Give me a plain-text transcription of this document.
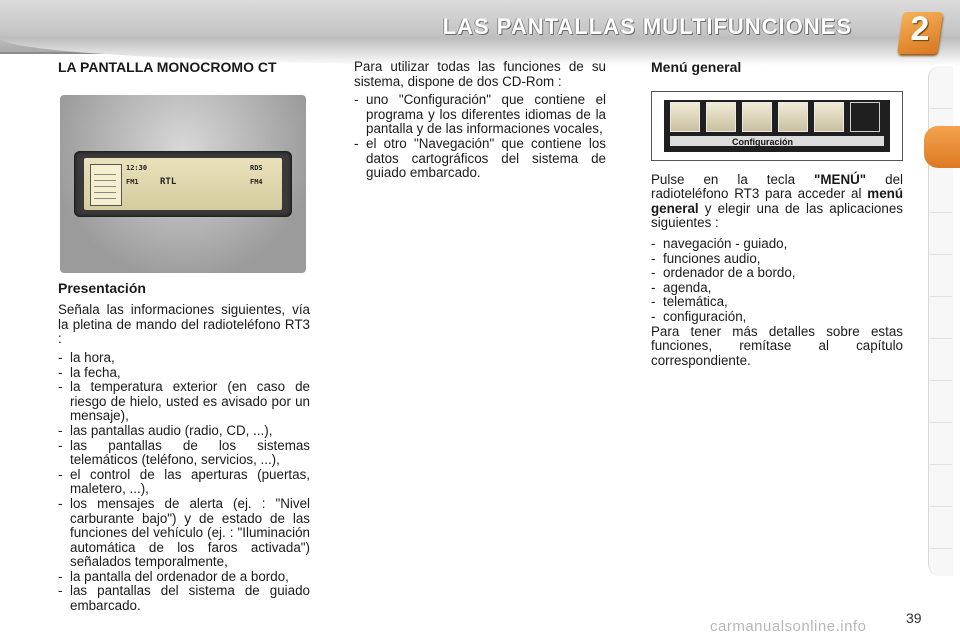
LAS PANTALLAS MULTIFUNCIONES	2
LA PANTALLA MONOCROMO CT
12:30
FM1 RTL	FM4
RDS
Presentación

Señala las informaciones siguientes, vía la pletina de mando del radioteléfono RT3 :

- la hora,
- la fecha,
- la temperatura exterior (en caso de riesgo de hielo, usted es avisado por un mensaje),
- las pantallas audio (radio, CD, ...),
- las pantallas de los sistemas telemáticos (teléfono, servicios, ...),
- el control de las aperturas (puertas, maletero, ...),
- los mensajes de alerta (ej. : "Nivel carburante bajo") y de estado de las funciones del vehículo (ej. : "Iluminación automática de los faros activada") señalados temporalmente,
- la pantalla del ordenador de a bordo,
- las pantallas del sistema de guiado embarcado.

Para utilizar todas las funciones de su sistema, dispone de dos CD-Rom :

- uno "Configuración" que contiene el programa y los diferentes idiomas de la pantalla y de las informaciones vocales,
- el otro "Navegación" que contiene los datos cartográficos del sistema de guiado embarcado.
Menú general
Configuración

Pulse en la tecla "MENÚ" del radioteléfono RT3 para acceder al menú general y elegir una de las aplicaciones siguientes :

- navegación - guiado,
- funciones audio,
- ordenador de a bordo,
- agenda,
- telemática,
- configuración,

Para tener más detalles sobre estas funciones, remítase al capítulo correspondiente.

carmanualsonline.info	39
